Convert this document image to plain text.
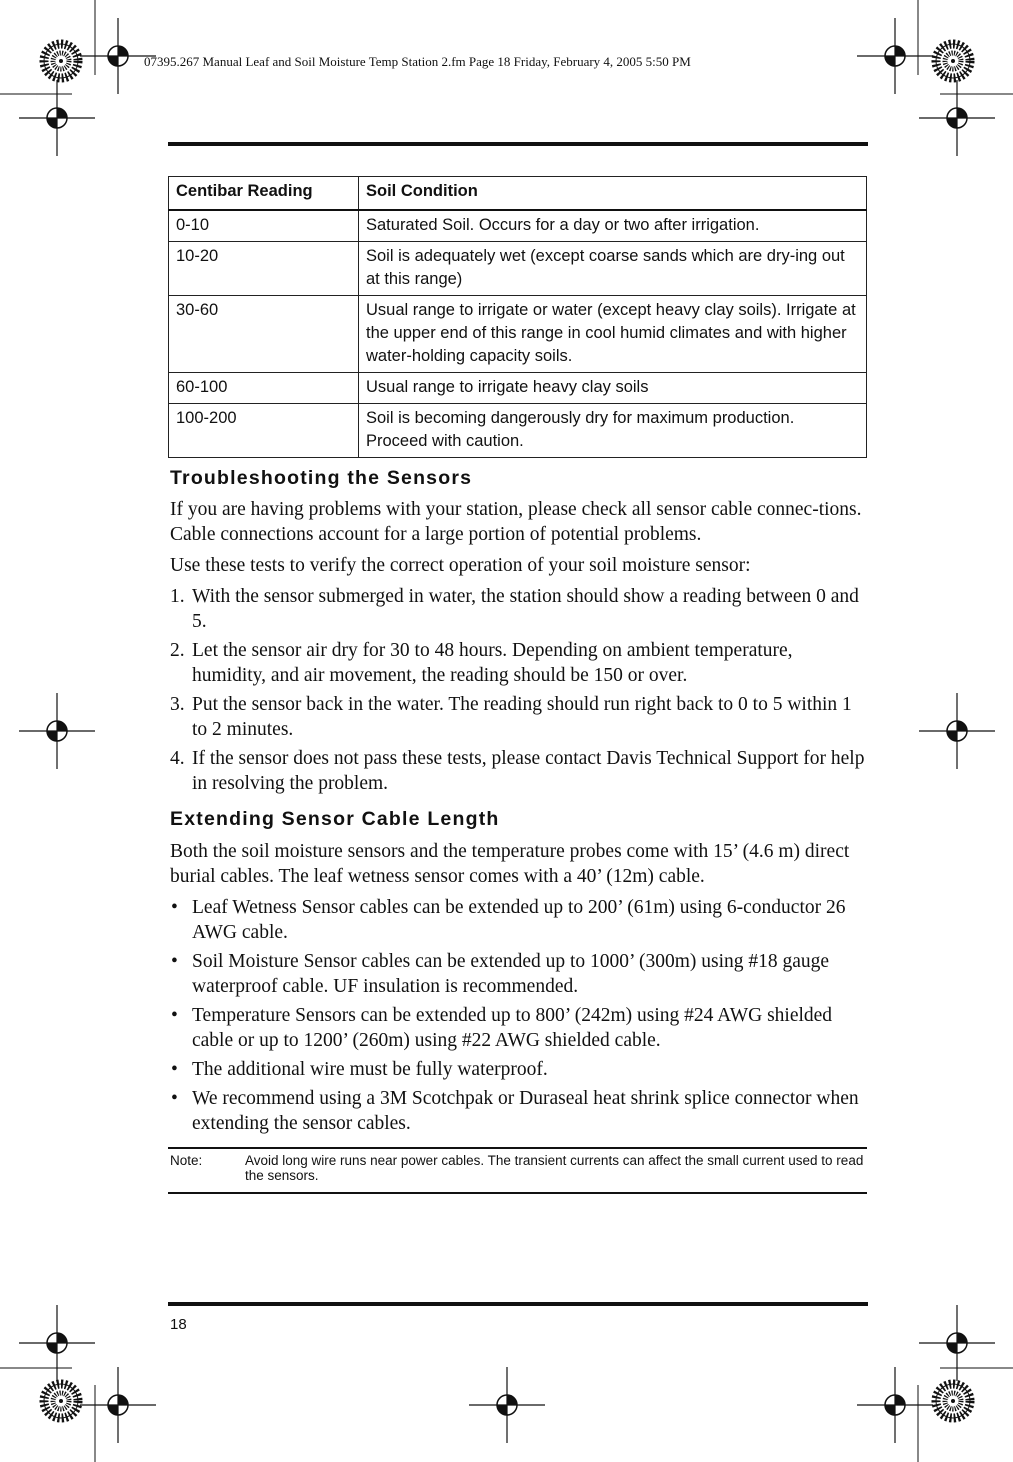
07395.267 Manual Leaf and Soil Moisture Temp Station 2.fm Page 18 Friday, February 4, 2005 5:50 PM
Centibar Reading	Soil Condition
0-10	Saturated Soil. Occurs for a day or two after irrigation.
10-20	Soil is adequately wet (except coarse sands which are dry-ing out at this range)
30-60	Usual range to irrigate or water (except heavy clay soils). Irrigate at the upper end of this range in cool humid climates and with higher water-holding capacity soils.
60-100	Usual range to irrigate heavy clay soils
100-200	Soil is becoming dangerously dry for maximum production. Proceed with caution.
Troubleshooting the Sensors

If you are having problems with your station, please check all sensor cable connec-tions. Cable connections account for a large portion of potential problems.

Use these tests to verify the correct operation of your soil moisture sensor:

1. With the sensor submerged in water, the station should show a reading between 0 and 5.
2. Let the sensor air dry for 30 to 48 hours. Depending on ambient temperature, humidity, and air movement, the reading should be 150 or over.
3. Put the sensor back in the water. The reading should run right back to 0 to 5 within 1 to 2 minutes.
4. If the sensor does not pass these tests, please contact Davis Technical Support for help in resolving the problem.
Extending Sensor Cable Length

Both the soil moisture sensors and the temperature probes come with 15’ (4.6 m) direct burial cables. The leaf wetness sensor comes with a 40’ (12m) cable.

• Leaf Wetness Sensor cables can be extended up to 200’ (61m) using 6-conductor 26 AWG cable.
• Soil Moisture Sensor cables can be extended up to 1000’ (300m) using #18 gauge waterproof cable. UF insulation is recommended.
• Temperature Sensors can be extended up to 800’ (242m) using #24 AWG shielded cable or up to 1200’ (260m) using #22 AWG shielded cable.
• The additional wire must be fully waterproof.
• We recommend using a 3M Scotchpak or Duraseal heat shrink splice connector when extending the sensor cables.
Note:	Avoid long wire runs near power cables. The transient currents can affect the small current used to read the sensors.
18
